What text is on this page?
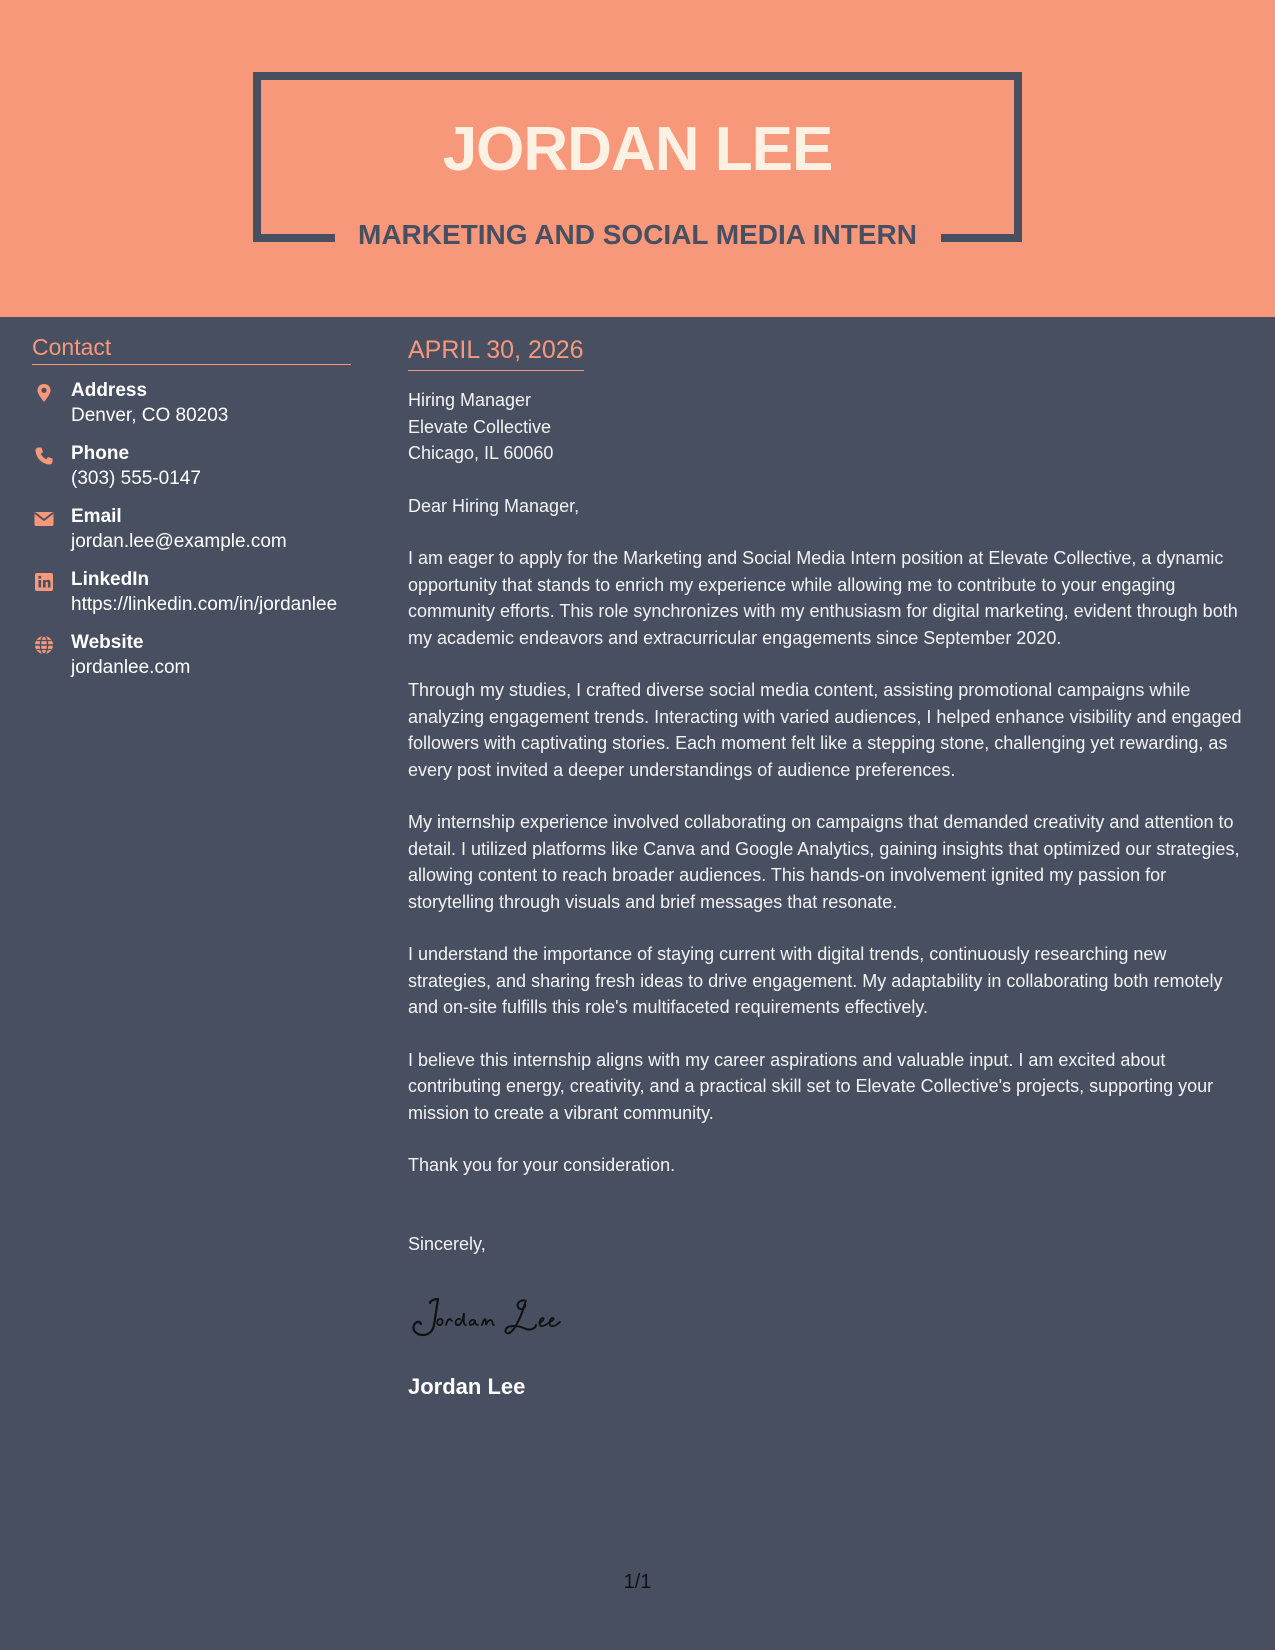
JORDAN LEE
MARKETING AND SOCIAL MEDIA INTERN
Contact
Address
Denver, CO 80203
Phone
(303) 555-0147
Email
jordan.lee@example.com
LinkedIn
https://linkedin.com/in/jordanlee
Website
jordanlee.com
APRIL 30, 2026
Hiring Manager
Elevate Collective
Chicago, IL 60060
Dear Hiring Manager,
I am eager to apply for the Marketing and Social Media Intern position at Elevate Collective, a dynamic opportunity that stands to enrich my experience while allowing me to contribute to your engaging community efforts. This role synchronizes with my enthusiasm for digital marketing, evident through both my academic endeavors and extracurricular engagements since September 2020.
Through my studies, I crafted diverse social media content, assisting promotional campaigns while analyzing engagement trends. Interacting with varied audiences, I helped enhance visibility and engaged followers with captivating stories. Each moment felt like a stepping stone, challenging yet rewarding, as every post invited a deeper understandings of audience preferences.
My internship experience involved collaborating on campaigns that demanded creativity and attention to detail. I utilized platforms like Canva and Google Analytics, gaining insights that optimized our strategies, allowing content to reach broader audiences. This hands-on involvement ignited my passion for storytelling through visuals and brief messages that resonate.
I understand the importance of staying current with digital trends, continuously researching new strategies, and sharing fresh ideas to drive engagement. My adaptability in collaborating both remotely and on-site fulfills this role's multifaceted requirements effectively.
I believe this internship aligns with my career aspirations and valuable input. I am excited about contributing energy, creativity, and a practical skill set to Elevate Collective's projects, supporting your mission to create a vibrant community.
Thank you for your consideration.
Sincerely,
Jordan Lee
1/1
